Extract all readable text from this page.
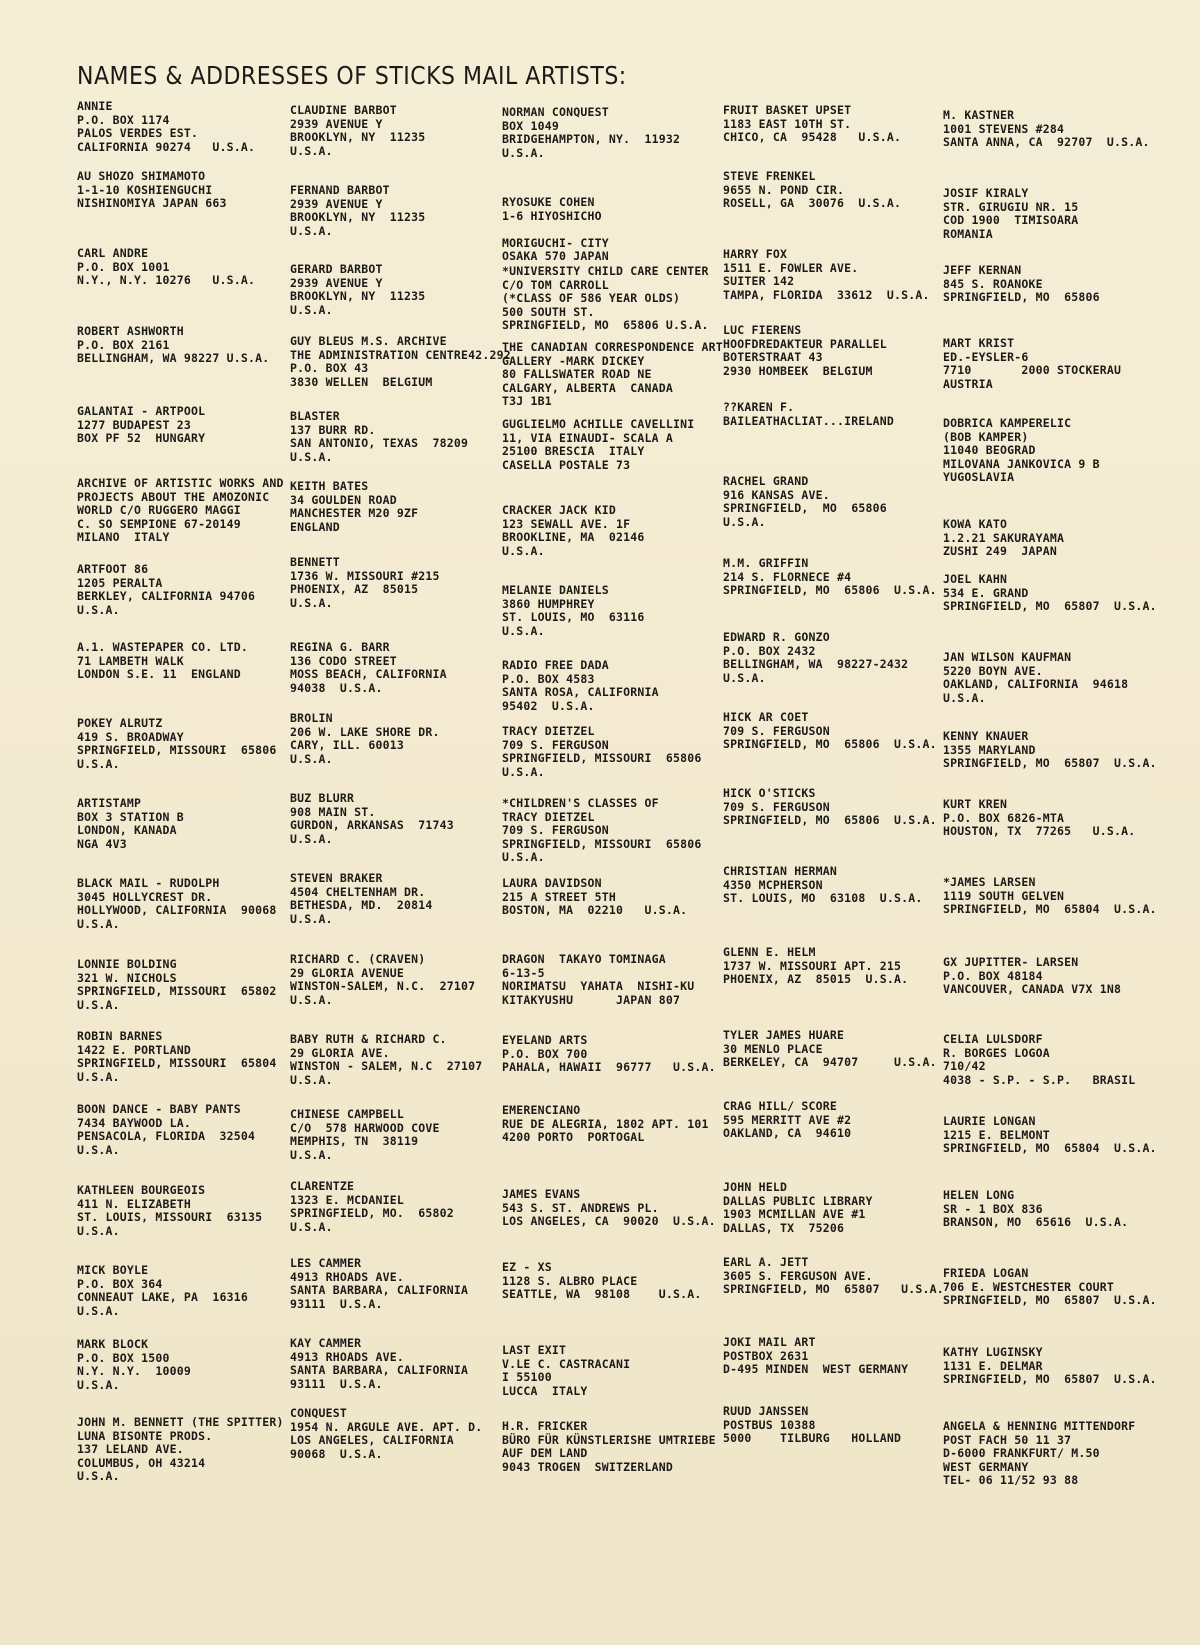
NAMES & ADDRESSES OF STICKS MAIL ARTISTS:
ANNIE
P.O. BOX 1174
PALOS VERDES EST.
CALIFORNIA 90274   U.S.A.
AU SHOZO SHIMAMOTO
1-1-10 KOSHIENGUCHI
NISHINOMIYA JAPAN 663
CARL ANDRE
P.O. BOX 1001
N.Y., N.Y. 10276   U.S.A.
ROBERT ASHWORTH
P.O. BOX 2161
BELLINGHAM, WA 98227 U.S.A.
GALANTAI - ARTPOOL
1277 BUDAPEST 23
BOX PF 52  HUNGARY
ARCHIVE OF ARTISTIC WORKS AND
PROJECTS ABOUT THE AMOZONIC
WORLD C/O RUGGERO MAGGI
C. SO SEMPIONE 67-20149
MILANO  ITALY
ARTFOOT 86
1205 PERALTA
BERKLEY, CALIFORNIA 94706
U.S.A.
A.1. WASTEPAPER CO. LTD.
71 LAMBETH WALK
LONDON S.E. 11  ENGLAND
POKEY ALRUTZ
419 S. BROADWAY
SPRINGFIELD, MISSOURI  65806
U.S.A.
ARTISTAMP
BOX 3 STATION B
LONDON, KANADA
NGA 4V3
BLACK MAIL - RUDOLPH
3045 HOLLYCREST DR.
HOLLYWOOD, CALIFORNIA  90068
U.S.A.
LONNIE BOLDING
321 W. NICHOLS
SPRINGFIELD, MISSOURI  65802
U.S.A.
ROBIN BARNES
1422 E. PORTLAND
SPRINGFIELD, MISSOURI  65804
U.S.A.
BOON DANCE - BABY PANTS
7434 BAYWOOD LA.
PENSACOLA, FLORIDA  32504
U.S.A.
KATHLEEN BOURGEOIS
411 N. ELIZABETH
ST. LOUIS, MISSOURI  63135
U.S.A.
MICK BOYLE
P.O. BOX 364
CONNEAUT LAKE, PA  16316
U.S.A.
MARK BLOCK
P.O. BOX 1500
N.Y. N.Y.  10009
U.S.A.
JOHN M. BENNETT (THE SPITTER)
LUNA BISONTE PRODS.
137 LELAND AVE.
COLUMBUS, OH 43214
U.S.A.
CLAUDINE BARBOT
2939 AVENUE Y
BROOKLYN, NY  11235
U.S.A.
FERNAND BARBOT
2939 AVENUE Y
BROOKLYN, NY  11235
U.S.A.
GERARD BARBOT
2939 AVENUE Y
BROOKLYN, NY  11235
U.S.A.
GUY BLEUS M.S. ARCHIVE
THE ADMINISTRATION CENTRE42.292
P.O. BOX 43
3830 WELLEN  BELGIUM
BLASTER
137 BURR RD.
SAN ANTONIO, TEXAS  78209
U.S.A.
KEITH BATES
34 GOULDEN ROAD
MANCHESTER M20 9ZF
ENGLAND
BENNETT
1736 W. MISSOURI #215
PHOENIX, AZ  85015
U.S.A.
REGINA G. BARR
136 CODO STREET
MOSS BEACH, CALIFORNIA
94038  U.S.A.
BROLIN
206 W. LAKE SHORE DR.
CARY, ILL. 60013
U.S.A.
BUZ BLURR
908 MAIN ST.
GURDON, ARKANSAS  71743
U.S.A.
STEVEN BRAKER
4504 CHELTENHAM DR.
BETHESDA, MD.  20814
U.S.A.
RICHARD C. (CRAVEN)
29 GLORIA AVENUE
WINSTON-SALEM, N.C.  27107
U.S.A.
BABY RUTH & RICHARD C.
29 GLORIA AVE.
WINSTON - SALEM, N.C  27107
U.S.A.
CHINESE CAMPBELL
C/O  578 HARWOOD COVE
MEMPHIS, TN  38119
U.S.A.
CLARENTZE
1323 E. MCDANIEL
SPRINGFIELD, MO.  65802
U.S.A.
LES CAMMER
4913 RHOADS AVE.
SANTA BARBARA, CALIFORNIA
93111  U.S.A.
KAY CAMMER
4913 RHOADS AVE.
SANTA BARBARA, CALIFORNIA
93111  U.S.A.
CONQUEST
1954 N. ARGULE AVE. APT. D.
LOS ANGELES, CALIFORNIA
90068  U.S.A.
NORMAN CONQUEST
BOX 1049
BRIDGEHAMPTON, NY.  11932
U.S.A.
RYOSUKE COHEN
1-6 HIYOSHICHO

MORIGUCHI- CITY
OSAKA 570 JAPAN
*UNIVERSITY CHILD CARE CENTER
C/O TOM CARROLL
(*CLASS OF 586 YEAR OLDS)
500 SOUTH ST.
SPRINGFIELD, MO  65806 U.S.A.
THE CANADIAN CORRESPONDENCE ART
GALLERY -MARK DICKEY
80 FALLSWATER ROAD NE
CALGARY, ALBERTA  CANADA
T3J 1B1
GUGLIELMO ACHILLE CAVELLINI
11, VIA EINAUDI- SCALA A
25100 BRESCIA  ITALY
CASELLA POSTALE 73
CRACKER JACK KID
123 SEWALL AVE. 1F
BROOKLINE, MA  02146
U.S.A.
MELANIE DANIELS
3860 HUMPHREY
ST. LOUIS, MO  63116
U.S.A.
RADIO FREE DADA
P.O. BOX 4583
SANTA ROSA, CALIFORNIA
95402  U.S.A.
TRACY DIETZEL
709 S. FERGUSON
SPRINGFIELD, MISSOURI  65806
U.S.A.
*CHILDREN'S CLASSES OF
TRACY DIETZEL
709 S. FERGUSON
SPRINGFIELD, MISSOURI  65806
U.S.A.
LAURA DAVIDSON
215 A STREET 5TH
BOSTON, MA  02210   U.S.A.
DRAGON  TAKAYO TOMINAGA
6-13-5
NORIMATSU  YAHATA  NISHI-KU
KITAKYUSHU      JAPAN 807
EYELAND ARTS
P.O. BOX 700
PAHALA, HAWAII  96777   U.S.A.
EMERENCIANO
RUE DE ALEGRIA, 1802 APT. 101
4200 PORTO  PORTOGAL
JAMES EVANS
543 S. ST. ANDREWS PL.
LOS ANGELES, CA  90020  U.S.A.
EZ - XS
1128 S. ALBRO PLACE
SEATTLE, WA  98108    U.S.A.
LAST EXIT
V.LE C. CASTRACANI
I 55100
LUCCA  ITALY
H.R. FRICKER
BÜRO FÜR KÜNSTLERISHE UMTRIEBE
AUF DEM LAND
9043 TROGEN  SWITZERLAND
FRUIT BASKET UPSET
1183 EAST 10TH ST.
CHICO, CA  95428   U.S.A.
STEVE FRENKEL
9655 N. POND CIR.
ROSELL, GA  30076  U.S.A.
HARRY FOX
1511 E. FOWLER AVE.
SUITER 142
TAMPA, FLORIDA  33612  U.S.A.
LUC FIERENS
HOOFDREDAKTEUR PARALLEL
BOTERSTRAAT 43
2930 HOMBEEK  BELGIUM
??KAREN F.
BAILEATHACLIAT...IRELAND
RACHEL GRAND
916 KANSAS AVE.
SPRINGFIELD,  MO  65806
U.S.A.
M.M. GRIFFIN
214 S. FLORNECE #4
SPRINGFIELD, MO  65806  U.S.A.
EDWARD R. GONZO
P.O. BOX 2432
BELLINGHAM, WA  98227-2432
U.S.A.
HICK AR COET
709 S. FERGUSON
SPRINGFIELD, MO  65806  U.S.A.
HICK O'STICKS
709 S. FERGUSON
SPRINGFIELD, MO  65806  U.S.A.
CHRISTIAN HERMAN
4350 MCPHERSON
ST. LOUIS, MO  63108  U.S.A.
GLENN E. HELM
1737 W. MISSOURI APT. 215
PHOENIX, AZ  85015  U.S.A.
TYLER JAMES HUARE
30 MENLO PLACE
BERKELEY, CA  94707     U.S.A.
CRAG HILL/ SCORE
595 MERRITT AVE #2
OAKLAND, CA  94610
JOHN HELD
DALLAS PUBLIC LIBRARY
1903 MCMILLAN AVE #1
DALLAS, TX  75206
EARL A. JETT
3605 S. FERGUSON AVE.
SPRINGFIELD, MO  65807   U.S.A.
JOKI MAIL ART
POSTBOX 2631
D-495 MINDEN  WEST GERMANY
RUUD JANSSEN
POSTBUS 10388
5000    TILBURG   HOLLAND
M. KASTNER
1001 STEVENS #284
SANTA ANNA, CA  92707  U.S.A.
JOSIF KIRALY
STR. GIRUGIU NR. 15
COD 1900  TIMISOARA
ROMANIA
JEFF KERNAN
845 S. ROANOKE
SPRINGFIELD, MO  65806
MART KRIST
ED.-EYSLER-6
7710       2000 STOCKERAU
AUSTRIA
DOBRICA KAMPERELIC
(BOB KAMPER)
11040 BEOGRAD
MILOVANA JANKOVICA 9 B
YUGOSLAVIA
KOWA KATO
1.2.21 SAKURAYAMA
ZUSHI 249  JAPAN
JOEL KAHN
534 E. GRAND
SPRINGFIELD, MO  65807  U.S.A.
JAN WILSON KAUFMAN
5220 BOYN AVE.
OAKLAND, CALIFORNIA  94618
U.S.A.
KENNY KNAUER
1355 MARYLAND
SPRINGFIELD, MO  65807  U.S.A.
KURT KREN
P.O. BOX 6826-MTA
HOUSTON, TX  77265   U.S.A.
*JAMES LARSEN
1119 SOUTH GELVEN
SPRINGFIELD, MO  65804  U.S.A.
GX JUPITTER- LARSEN
P.O. BOX 48184
VANCOUVER, CANADA V7X 1N8
CELIA LULSDORF
R. BORGES LOGOA
710/42
4038 - S.P. - S.P.   BRASIL
LAURIE LONGAN
1215 E. BELMONT
SPRINGFIELD, MO  65804  U.S.A.
HELEN LONG
SR - 1 BOX 836
BRANSON, MO  65616  U.S.A.
FRIEDA LOGAN
706 E. WESTCHESTER COURT
SPRINGFIELD, MO  65807  U.S.A.
KATHY LUGINSKY
1131 E. DELMAR
SPRINGFIELD, MO  65807  U.S.A.
ANGELA & HENNING MITTENDORF
POST FACH 50 11 37
D-6000 FRANKFURT/ M.50
WEST GERMANY
TEL- 06 11/52 93 88
